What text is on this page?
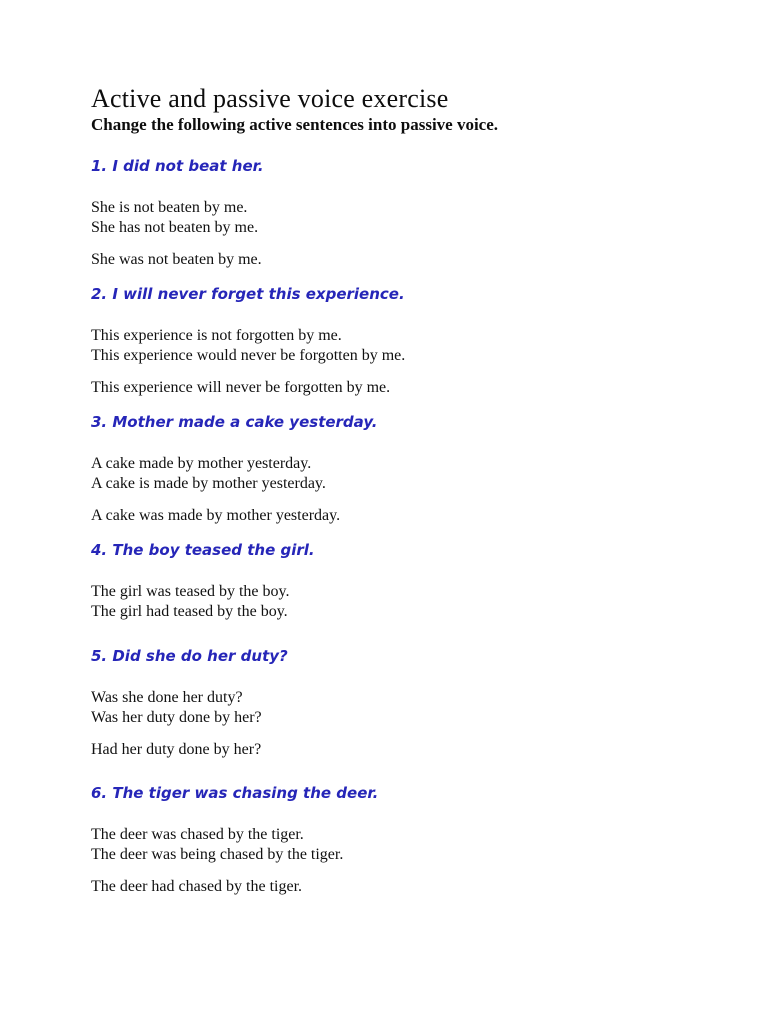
Active and passive voice exercise

Change the following active sentences into passive voice.

1. I did not beat her.

She is not beaten by me.

She has not beaten by me.

She was not beaten by me.

2. I will never forget this experience.

This experience is not forgotten by me.

This experience would never be forgotten by me.

This experience will never be forgotten by me.

3. Mother made a cake yesterday.

A cake made by mother yesterday.

A cake is made by mother yesterday.

A cake was made by mother yesterday.

4. The boy teased the girl.

The girl was teased by the boy.

The girl had teased by the boy.

5. Did she do her duty?

Was she done her duty?

Was her duty done by her?

Had her duty done by her?

6. The tiger was chasing the deer.

The deer was chased by the tiger.

The deer was being chased by the tiger.

The deer had chased by the tiger.
